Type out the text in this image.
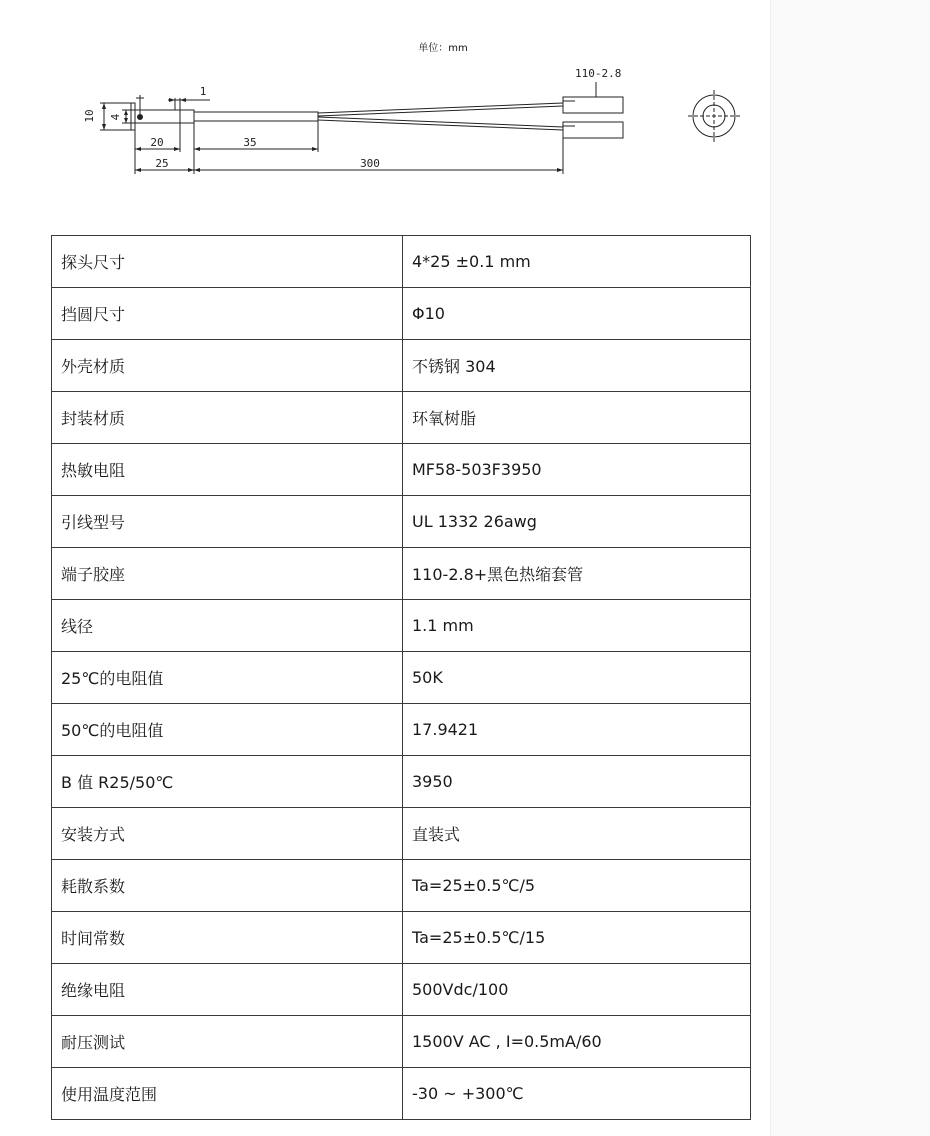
单位：mm
110-2.8
10 4
1
20	35
25	300
探头尺寸	4*25 ±0.1 mm
挡圆尺寸	Φ10
外壳材质	不锈钢 304
封装材质	环氧树脂
热敏电阻	MF58-503F3950
引线型号	UL 1332 26awg
端子胶座	110-2.8+黑色热缩套管
线径	1.1 mm
25℃的电阻值	50K
50℃的电阻值	17.9421
B 值 R25/50℃	3950
安装方式	直装式
耗散系数	Ta=25±0.5℃/5
时间常数	Ta=25±0.5℃/15
绝缘电阻	500Vdc/100
耐压测试	1500V AC , I=0.5mA/60
使用温度范围	-30 ~ +300℃
